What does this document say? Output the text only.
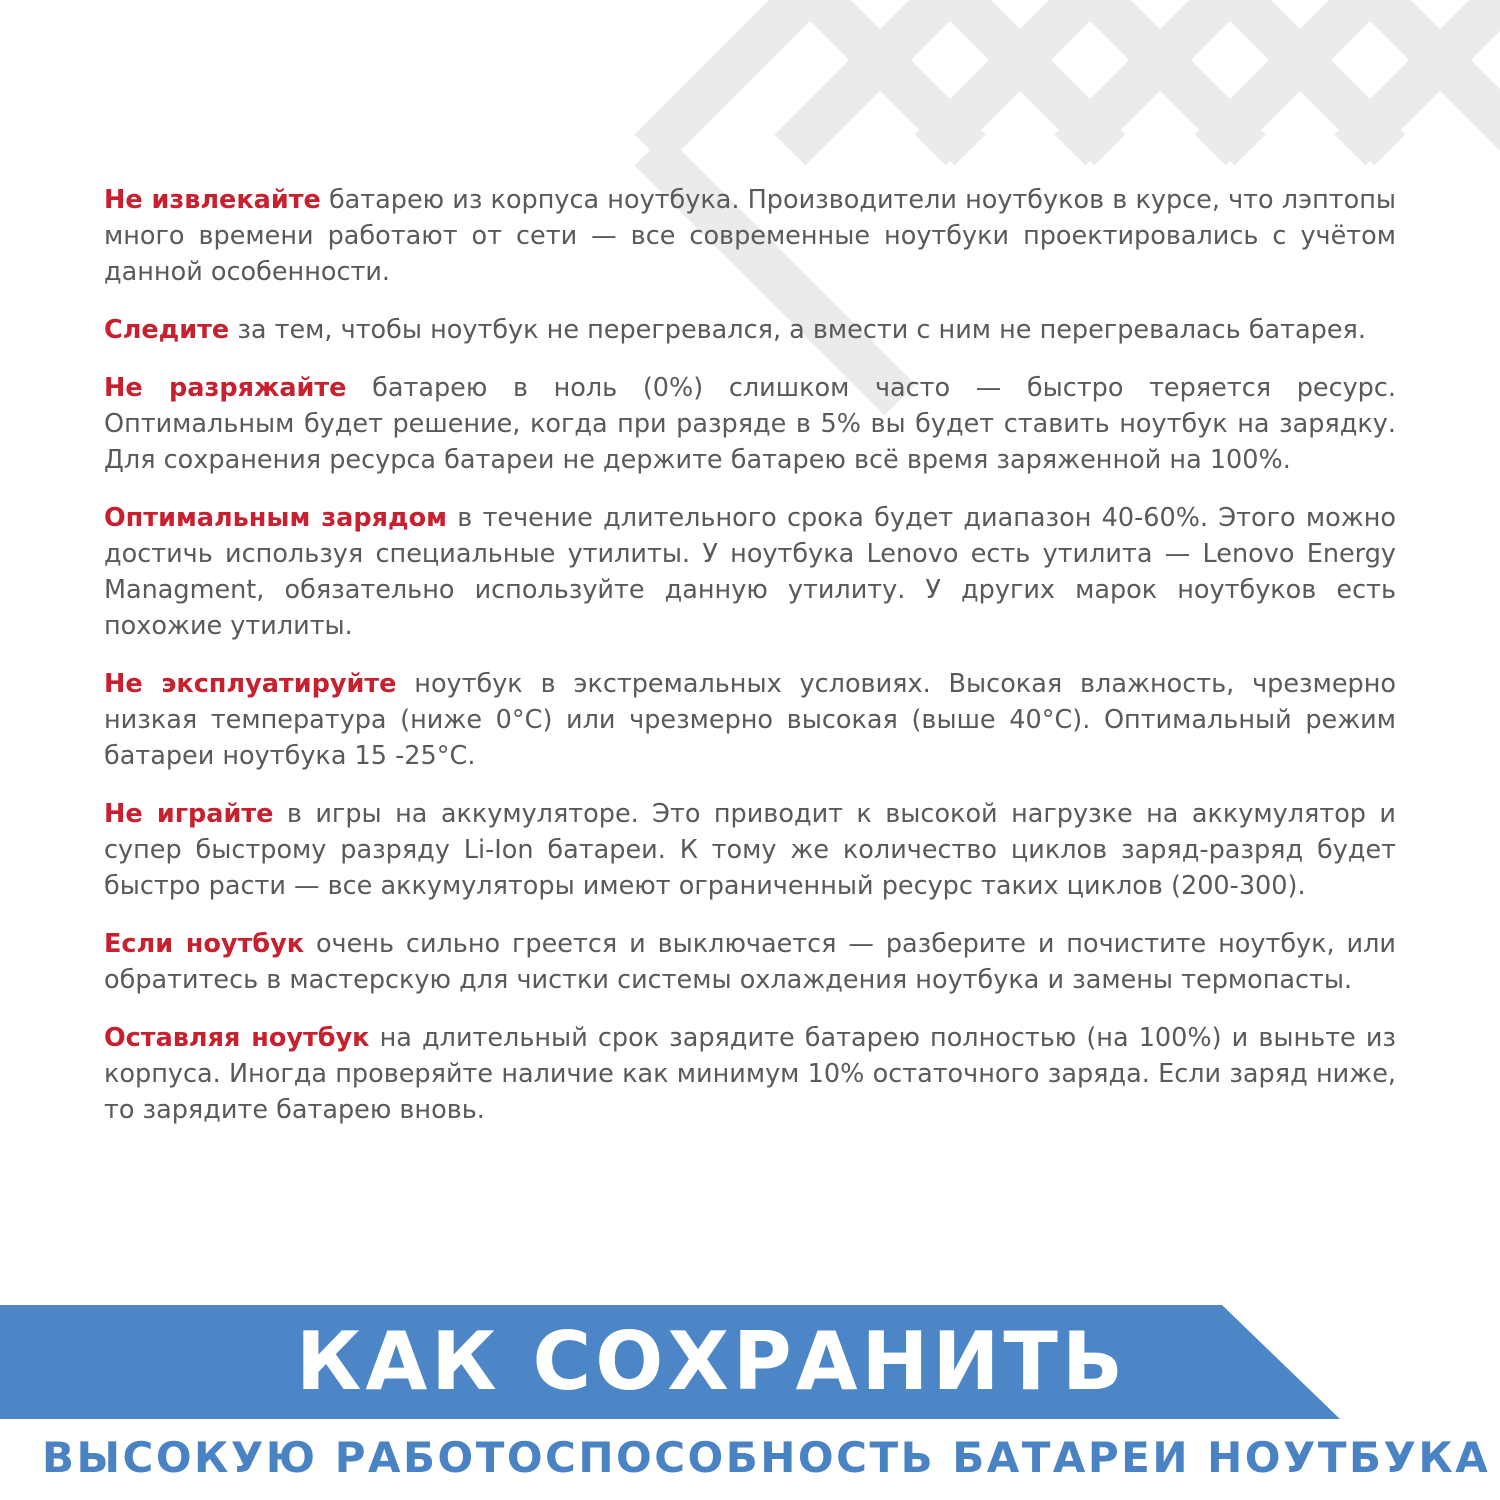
Не извлекайте батарею из корпуса ноутбука. Производители ноутбуков в курсе, что лэптопы много времени работают от сети — все современные ноутбуки проектировались с учётом данной особенности.
Следите за тем, чтобы ноутбук не перегревался, а вмести с ним не перегревалась батарея.
Не разряжайте батарею в ноль (0%) слишком часто — быстро теряется ресурс. Оптимальным будет решение, когда при разряде в 5% вы будет ставить ноутбук на зарядку. Для сохранения ресурса батареи не держите батарею всё время заряженной на 100%.
Оптимальным зарядом в течение длительного срока будет диапазон 40-60%. Этого можно достичь используя специальные утилиты. У ноутбука Lenovo есть утилита — Lenovo Energy Managment, обязательно используйте данную утилиту. У других марок ноутбуков есть похожие утилиты.
Не эксплуатируйте ноутбук в экстремальных условиях. Высокая влажность, чрезмерно низкая температура (ниже 0°С) или чрезмерно высокая (выше 40°С). Оптимальный режим батареи ноутбука 15 -25°С.
Не играйте в игры на аккумуляторе. Это приводит к высокой нагрузке на аккумулятор и супер быстрому разряду Li-Ion батареи. К тому же количество циклов заряд-разряд будет быстро расти — все аккумуляторы имеют ограниченный ресурс таких циклов (200-300).
Если ноутбук очень сильно греется и выключается — разберите и почистите ноутбук, или обратитесь в мастерскую для чистки системы охлаждения ноутбука и замены термопасты.
Оставляя ноутбук на длительный срок зарядите батарею полностью (на 100%) и выньте из корпуса. Иногда проверяйте наличие как минимум 10% остаточного заряда. Если заряд ниже, то зарядите батарею вновь.
КАК СОХРАНИТЬ
ВЫСОКУЮ РАБОТОСПОСОБНОСТЬ БАТАРЕИ НОУТБУКА
